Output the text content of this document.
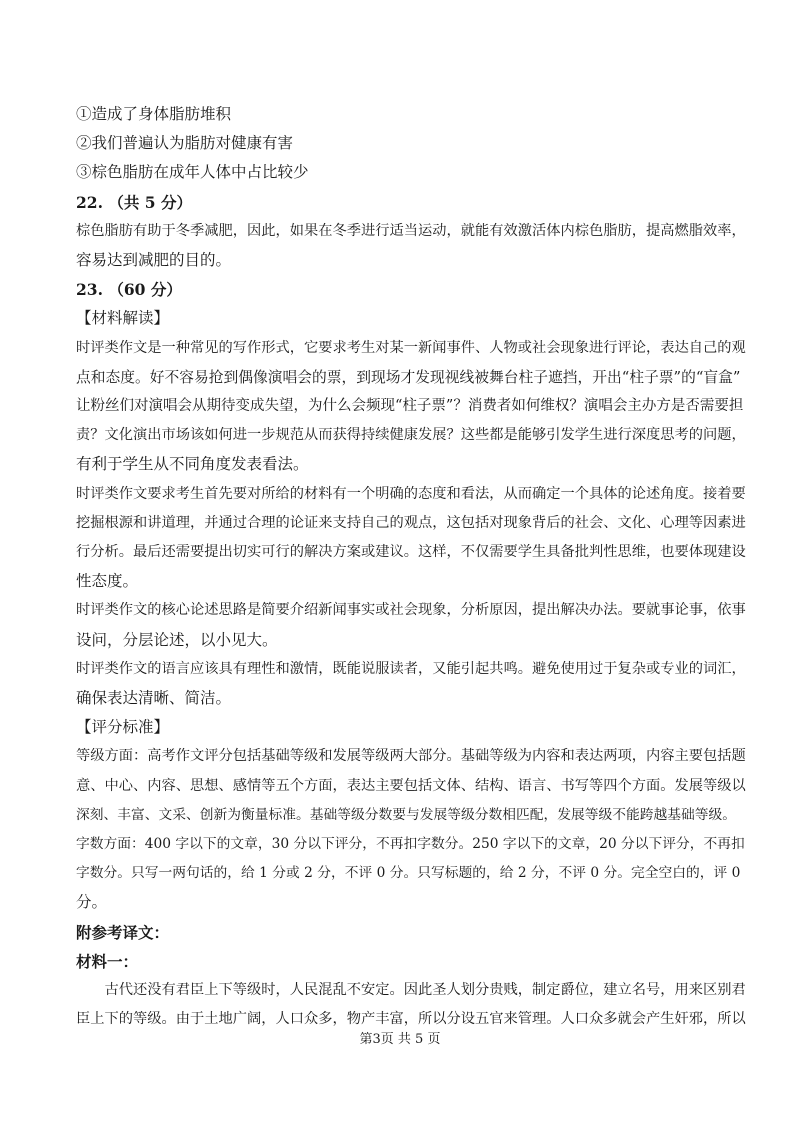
①造成了身体脂肪堆积
②我们普遍认为脂肪对健康有害
③棕色脂肪在成年人体中占比较少
22. （共 5 分）
棕色脂肪有助于冬季减肥，因此，如果在冬季进行适当运动，就能有效激活体内棕色脂肪，提高燃脂效率，
容易达到减肥的目的。
23. （60 分）
【材料解读】
时评类作文是一种常见的写作形式，它要求考生对某一新闻事件、人物或社会现象进行评论，表达自己的观
点和态度。好不容易抢到偶像演唱会的票，到现场才发现视线被舞台柱子遮挡，开出“柱子票”的“盲盒”
让粉丝们对演唱会从期待变成失望，为什么会频现“柱子票”？消费者如何维权？演唱会主办方是否需要担
责？文化演出市场该如何进一步规范从而获得持续健康发展？这些都是能够引发学生进行深度思考的问题，
有利于学生从不同角度发表看法。
时评类作文要求考生首先要对所给的材料有一个明确的态度和看法，从而确定一个具体的论述角度。接着要
挖掘根源和讲道理，并通过合理的论证来支持自己的观点，这包括对现象背后的社会、文化、心理等因素进
行分析。最后还需要提出切实可行的解决方案或建议。这样，不仅需要学生具备批判性思维，也要体现建设
性态度。
时评类作文的核心论述思路是简要介绍新闻事实或社会现象，分析原因，提出解决办法。要就事论事，依事
设问，分层论述，以小见大。
时评类作文的语言应该具有理性和激情，既能说服读者，又能引起共鸣。避免使用过于复杂或专业的词汇，
确保表达清晰、简洁。
【评分标准】
等级方面：高考作文评分包括基础等级和发展等级两大部分。基础等级为内容和表达两项，内容主要包括题
意、中心、内容、思想、感情等五个方面，表达主要包括文体、结构、语言、书写等四个方面。发展等级以
深刻、丰富、文采、创新为衡量标准。基础等级分数要与发展等级分数相匹配，发展等级不能跨越基础等级。
字数方面：400 字以下的文章，30 分以下评分，不再扣字数分。250 字以下的文章，20 分以下评分，不再扣
字数分。只写一两句话的，给 1 分或 2 分，不评 0 分。只写标题的，给 2 分，不评 0 分。完全空白的，评 0
分。
附参考译文：
材料一：
古代还没有君臣上下等级时，人民混乱不安定。因此圣人划分贵贱，制定爵位，建立名号，用来区别君
臣上下的等级。由于土地广阔，人口众多，物产丰富，所以分设五官来管理。人口众多就会产生奸邪，所以
第3页 共 5 页
